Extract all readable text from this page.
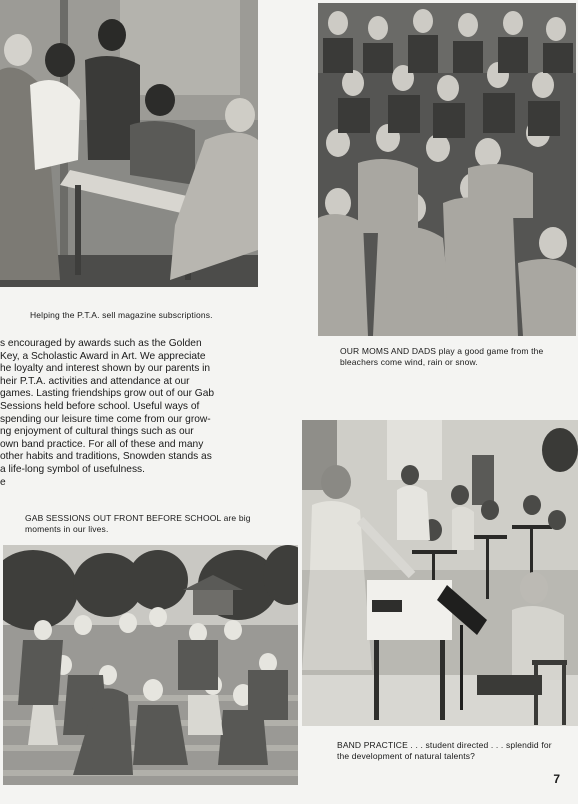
Helping the P.T.A. sell magazine subscriptions.
s encouraged by awards such as the Golden
Key, a Scholastic Award in Art. We appreciate
he loyalty and interest shown by our parents in
heir P.T.A. activities and attendance at our
games. Lasting friendships grow out of our Gab
Sessions held before school. Useful ways of
spending our leisure time come from our grow-
ng enjoyment of cultural things such as our
own band practice. For all of these and many
other habits and traditions, Snowden stands as
a life-long symbol of usefulness.
e
OUR MOMS AND DADS play a good game from the bleachers come wind, rain or snow.
GAB SESSIONS OUT FRONT BEFORE SCHOOL are big moments in our lives.
BAND PRACTICE . . . student directed . . . splendid for the development of natural talents?
7
